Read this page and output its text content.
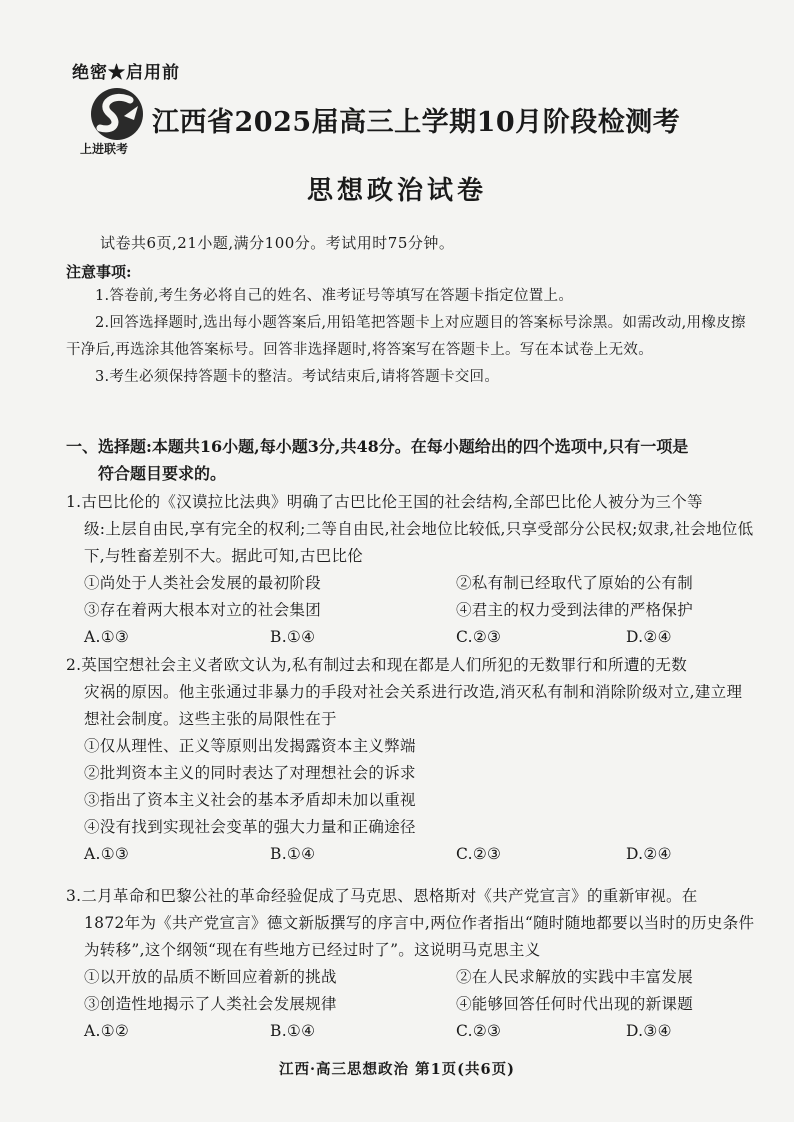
绝密★启用前
上进联考
江西省2025届高三上学期10月阶段检测考
思想政治试卷
试卷共6页,21小题,满分100分。考试用时75分钟。
注意事项:

1.答卷前,考生务必将自己的姓名、准考证号等填写在答题卡指定位置上。

2.回答选择题时,选出每小题答案后,用铅笔把答题卡上对应题目的答案标号涂黑。如需改动,用橡皮擦干净后,再选涂其他答案标号。回答非选择题时,将答案写在答题卡上。写在本试卷上无效。

3.考生必须保持答题卡的整洁。考试结束后,请将答题卡交回。

一、选择题:本题共16小题,每小题3分,共48分。在每小题给出的四个选项中,只有一项是
符合题目要求的。
1.古巴比伦的《汉谟拉比法典》明确了古巴比伦王国的社会结构,全部巴比伦人被分为三个等
级:上层自由民,享有完全的权利;二等自由民,社会地位比较低,只享受部分公民权;奴隶,社会地位低下,与牲畜差别不大。据此可知,古巴比伦
①尚处于人类社会发展的最初阶段	②私有制已经取代了原始的公有制
③存在着两大根本对立的社会集团	④君主的权力受到法律的严格保护
A.①③	B.①④	C.②③	D.②④
2.英国空想社会主义者欧文认为,私有制过去和现在都是人们所犯的无数罪行和所遭的无数
灾祸的原因。他主张通过非暴力的手段对社会关系进行改造,消灭私有制和消除阶级对立,建立理想社会制度。这些主张的局限性在于
①仅从理性、正义等原则出发揭露资本主义弊端
②批判资本主义的同时表达了对理想社会的诉求
③指出了资本主义社会的基本矛盾却未加以重视
④没有找到实现社会变革的强大力量和正确途径
A.①③	B.①④	C.②③	D.②④
3.二月革命和巴黎公社的革命经验促成了马克思、恩格斯对《共产党宣言》的重新审视。在
1872年为《共产党宣言》德文新版撰写的序言中,两位作者指出“随时随地都要以当时的历史条件为转移”,这个纲领“现在有些地方已经过时了”。这说明马克思主义
①以开放的品质不断回应着新的挑战	②在人民求解放的实践中丰富发展
③创造性地揭示了人类社会发展规律	④能够回答任何时代出现的新课题
A.①②	B.①④	C.②③	D.③④
江西·高三思想政治 第1页(共6页)
